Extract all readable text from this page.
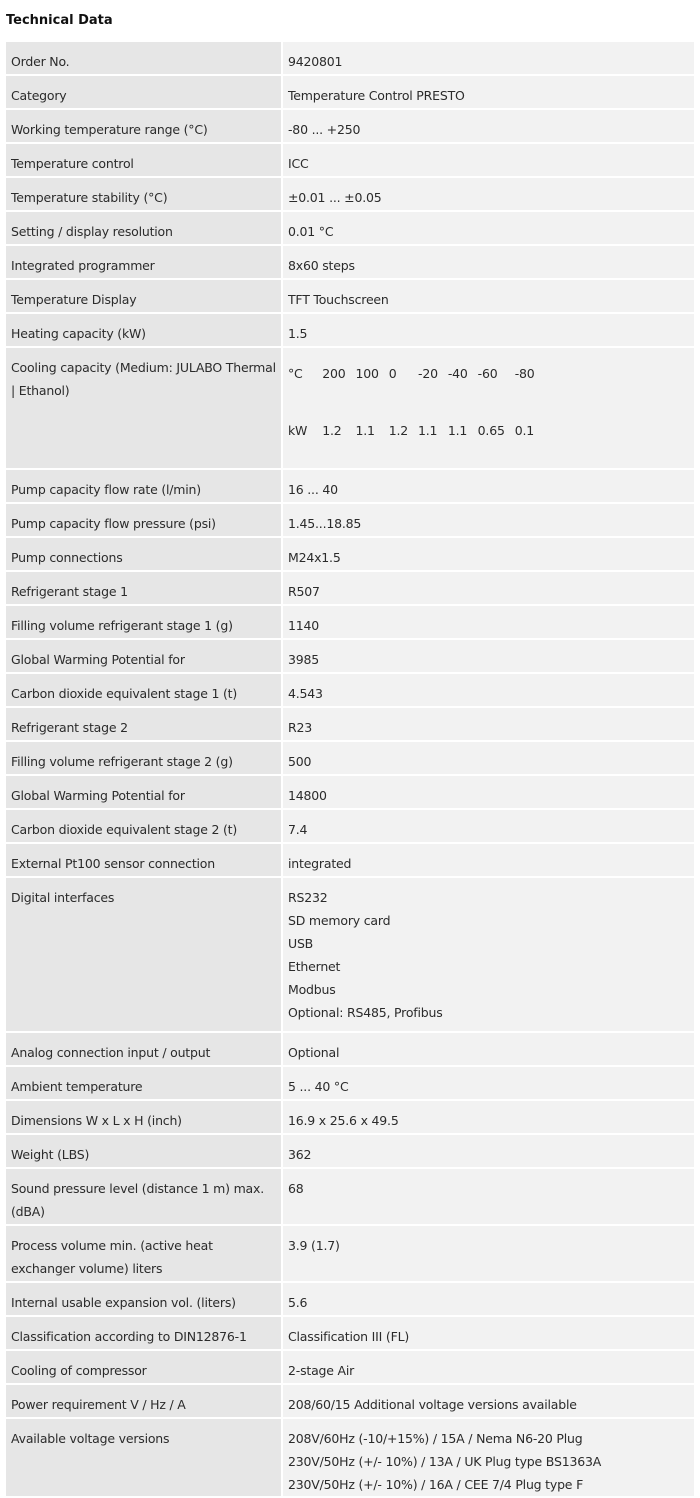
Technical Data
Order No.	9420801
Category	Temperature Control PRESTO
Working temperature range (°C)	-80 ... +250
Temperature control	ICC
Temperature stability (°C)	±0.01 ... ±0.05
Setting / display resolution	0.01 °C
Integrated programmer	8x60 steps
Temperature Display	TFT Touchscreen
Heating capacity (kW)	1.5
Cooling capacity (Medium: JULABO Thermal | Ethanol)	
°C	200	100	0	-20	-40	-60	-80
kW	1.2	1.1	1.2	1.1	1.1	0.65	0.1

Pump capacity flow rate (l/min)	16 ... 40
Pump capacity flow pressure (psi)	1.45...18.85
Pump connections	M24x1.5
Refrigerant stage 1	R507
Filling volume refrigerant stage 1 (g)	1140
Global Warming Potential for	3985
Carbon dioxide equivalent stage 1 (t)	4.543
Refrigerant stage 2	R23
Filling volume refrigerant stage 2 (g)	500
Global Warming Potential for	14800
Carbon dioxide equivalent stage 2 (t)	7.4
External Pt100 sensor connection	integrated
Digital interfaces	RS232
SD memory card
USB
Ethernet
Modbus
Optional: RS485, Profibus

Analog connection input / output	Optional
Ambient temperature	5 ... 40 °C
Dimensions W x L x H (inch)	16.9 x 25.6 x 49.5
Weight (LBS)	362
Sound pressure level (distance 1 m) max. (dBA)	68
Process volume min. (active heat exchanger volume) liters	3.9 (1.7)
Internal usable expansion vol. (liters)	5.6
Classification according to DIN12876-1	Classification III (FL)
Cooling of compressor	2-stage Air
Power requirement V / Hz / A	208/60/15 Additional voltage versions available
Available voltage versions	208V/60Hz (-10/+15%) / 15A / Nema N6-20 Plug
230V/50Hz (+/- 10%) / 13A / UK Plug type BS1363A
230V/50Hz (+/- 10%) / 16A / CEE 7/4 Plug type F
